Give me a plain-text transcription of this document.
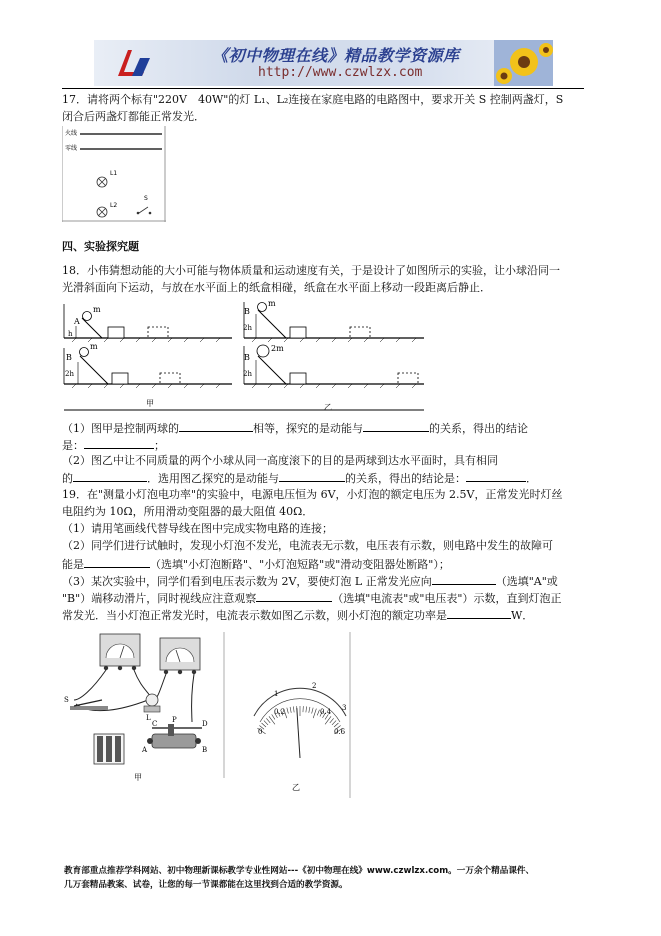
《初中物理在线》精品教学资源库
http://www.czwlzx.com
17．请将两个标有"220V　40W"的灯 L₁、L₂连接在家庭电路的电路图中，要求开关 S 控制两盏灯，S
闭合后两盏灯都能正常发光．
火线
零线
L1
L2
S
四、实验探究题
18．小伟猜想动能的大小可能与物体质量和运动速度有关，于是设计了如图所示的实验，让小球沿同一
光滑斜面向下运动，与放在水平面上的纸盒相碰，纸盒在水平面上移动一段距离后静止．
m
A
h
m
B
2h
m
B
2h
2m
B
2h
甲	乙
（1）图甲是控制两球的	相等，探究的是动能与	的关系，得出的结论
是：	；
（2）图乙中让不同质量的两个小球从同一高度滚下的目的是两球到达水平面时，具有相同
的	．选用图乙探究的是动能与	的关系，得出的结论是：	．
19．在"测量小灯泡电功率"的实验中，电源电压恒为 6V，小灯泡的额定电压为 2.5V，正常发光时灯丝
电阻约为 10Ω，所用滑动变阻器的最大阻值 40Ω．
（1）请用笔画线代替导线在图中完成实物电路的连接；
（2）同学们进行试触时，发现小灯泡不发光，电流表无示数，电压表有示数，则电路中发生的故障可
能是	（选填"小灯泡断路"、"小灯泡短路"或"滑动变阻器处断路"）；
（3）某次实验中，同学们看到电压表示数为 2V，要使灯泡 L 正常发光应向	（选填"A"或
"B"）端移动滑片，同时视线应注意观察	（选填"电流表"或"电压表"）示数，直到灯泡正
常发光．当小灯泡正常发光时，电流表示数如图乙示数，则小灯泡的额定功率是	W．
S
L	P
C	D
A	B
甲
1
2
3
0
0.2	0.4
0.6
乙
教育部重点推荐学科网站、初中物理新课标教学专业性网站---《初中物理在线》www.czwlzx.com。一万余个精品课件、
几万套精品教案、试卷，让您的每一节课都能在这里找到合适的教学资源。
